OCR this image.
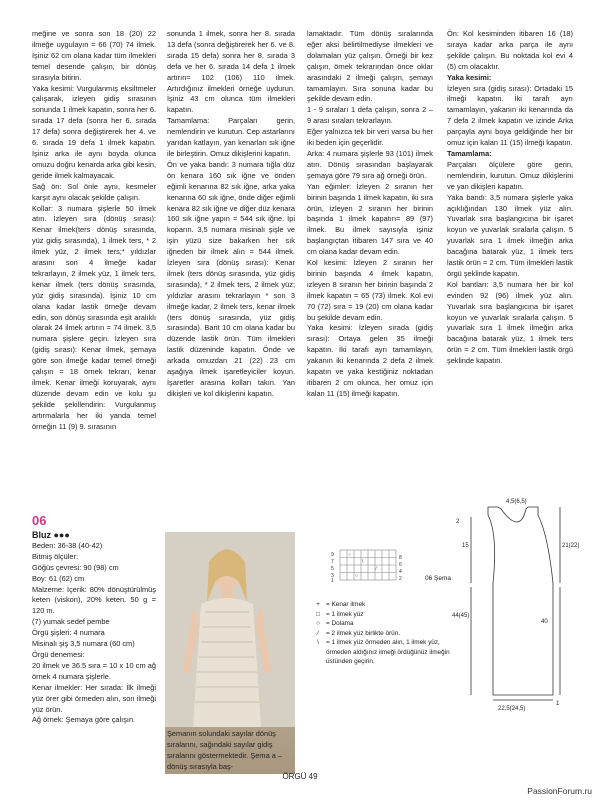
meğine ve sonra son 18 (20) 22 ilmeğe uygulayın = 66 (70) 74 ilmek. İşiniz 62 cm olana kadar tüm ilmekleri temel desende çalışın, bir dönüş sırasıyla bitirin.

Yaka kesimi: Vurgulanmış eksiltmeler çalışarak, izleyen gidiş sırasının sonunda 1 ilmek kapatın, sonra her 6. sırada 17 defa (sonra her 6. sırada 17 defa) sonra değiştirerek her 4. ve 6. sırada 19 defa 1 ilmek kapatın. İşiniz arka ile aynı boyda olunca omuzu doğru kenarda arka gibi kesin, geride ilmek kalmayacak.

Sağ ön: Sol önle aynı, kesmeler karşıt aynı olacak şekilde çalışın.

Kollar: 3 numara şişlerle 50 ilmek atın. İzleyen sıra (dönüş sırası): Kenar ilmek(ters dönüş sırasında, yüz gidiş sırasında), 1 ilmek ters, * 2 ilmek yüz, 2 ilmek ters;* yıldızlar arasını son 4 ilmeğe kadar tekrarlayın, 2 ilmek yüz, 1 ilmek ters, kenar ilmek (ters dönüş sırasında, yüz gidiş sırasında). İşiniz 10 cm olana kadar lastik örneğe devam edin, son dönüş sırasında eşit aralıklı olarak 24 ilmek artırın = 74 ilmek. 3,5 numara şişlere geçin. İzleyen sıra (gidiş sırası): Kenar ilmek, şemaya göre son ilmeğe kadar temel örneği çalışın = 18 örnek tekrarı, kenar ilmek. Kenar ilmeği koruyarak, aynı düzende devam edin ve kolu şu şekilde şekillendirin: Vurgulanmış artırmalarla her iki yanda temel örneğin 11 (9) 9. sırasının

sonunda 1 ilmek, sonra her 8. sırada 13 defa (sonra değiştirerek her 6. ve 8. sırada 15 defa) sonra her 8. sırada 3 defa ve her 6. sırada 14 defa 1 ilmek artırın= 102 (106) 110 ilmek. Artırdığınız ilmekleri örneğe uydurun. İşiniz 43 cm olunca tüm ilmekleri kapatın.

Tamamlama: Parçaları gerin, nemlendirin ve kurutun. Cep astarlarını yarıdan katlayın, yan kenarları sık iğne ile birleştirin. Omuz dikişlerini kapatın.

Ön ve yaka bandı: 3 numara tığla düz ön kenara 160 sık iğne ve önden eğimli kenarına 82 sık iğne, arka yaka kenarına 60 sık iğne, önde diğer eğimli kenara 82 sık iğne ve diğer düz kenara 160 sık iğne yapın = 544 sık iğne. İpi koparın. 3,5 numara misinalı şişle ve işin yüzü size bakarken her sık iğneden bir ilmek alın = 544 ilmek. İzleyen sıra (dönüş sırası): Kenar ilmek (ters dönüş sırasında, yüz gidiş sırasında), * 2 ilmek ters, 2 ilmek yüz; yıldızlar arasını tekrarlayın * son 3 ilmeğe kadar, 2 ilmek ters, kenar ilmek (ters dönüş sırasında, yüz gidiş sırasında). Bant 10 cm olana kadar bu düzende lastik örün. Tüm ilmekleri lastik düzeninde kapatın. Önde ve arkada omuzdan 21 (22) 23 cm aşağıya ilmek işaretleyiciler koyun. İşaretler arasına kolları takın. Yan dikişleri ve kol dikişlerini kapatın.

lamaktadır. Tüm dönüş sıralarında eğer aksi belirtilmediyse ilmekleri ve dolamaları yüz çalışın. Örneği bir kez çalışın, örnek tekrarından önce oklar arasındaki 2 ilmeği çalışın, şemayı tamamlayın. Sıra sonuna kadar bu şekilde devam edin.

1 - 9 sıraları 1 defa çalışın, sonra 2 – 9 arası sıraları tekrarlayın.

Eğer yalnızca tek bir veri varsa bu her iki beden için geçerlidir.

Arka: 4 numara şişlerle 93 (101) ilmek atın. Dönüş sırasından başlayarak şemaya göre 79 sıra ağ örneği örün.

Yan eğimler: İzleyen 2 sıranın her birinin başında 1 ilmek kapatın, iki sıra örün, izleyen 2 sıranın her birinin başında 1 ilmek kapatın= 89 (97) ilmek. Bu ilmek sayısıyla işiniz başlangıçtan itibaren 147 sıra ve 40 cm olana kadar devam edin.

Kol kesimi: İzleyen 2 sıranın her birinin başında 4 ilmek kapatın, izleyen 8 sıranın her birinin başında 2 ilmek kapatın = 65 (73) ilmek. Kol evi 70 (72) sıra = 19 (20) cm olana kadar bu şekilde devam edin.

Yaka kesimi: İzleyen sırada (gidiş sırası): Ortaya gelen 35 ilmeği kapatın. İki tarafı ayrı tamamlayın, yakanın iki kenarında 2 defa 2 ilmek kapatın ve yaka kestiğiniz noktadan itibaren 2 cm olunca, her omuz için kalan 11 (15) ilmeği kapatın.

Ön: Kol kesiminden itibaren 16 (18) sıraya kadar arka parça ile aynı şekilde çalışın. Bu noktada kol evi 4 (5) cm olacaktır.

Yaka kesimi:

İzleyen sıra (gidiş sırası): Ortadaki 15 ilmeği kapatın. İki tarafı ayrı tamamlayın, yakanın iki kenarında da 7 defa 2 ilmek kapatın ve izinde Arka parçayla aynı boya geldiğinde her bir omuz için kalan 11 (15) ilmeği kapatın.

Tamamlama:

Parçaları ölçülere göre gerin, nemlendirin, kurutun. Omuz dikişlerini ve yan dikişleri kapatın.

Yaka bandı: 3,5 numara şişlerle yaka açıklığından 130 ilmek yüz alın. Yuvarlak sıra başlangıcına bir işaret koyun ve yuvarlak sıralarla çalışın. 5 yuvarlak sıra 1 ilmek ilmeğin arka bacağına batarak yüz, 1 ilmek ters lastik örün = 2 cm. Tüm ilmekleri lastik örgü şeklinde kapatın.

Kol bantları: 3,5 numara her bir kol evinden 92 (96) ilmek yüz alın. Yuvarlak sıra başlangıcına bir işaret koyun ve yuvarlak sıralarla çalışın. 5 yuvarlak sıra 1 ilmek ilmeğin arka bacağına batarak yüz, 1 ilmek ters örün = 2 cm. Tüm ilmekleri lastik örgü şeklinde kapatın.

06

Bluz ●●●

Beden: 36-38 (40-42)

Bitmiş ölçüler:

Göğüs çevresi: 90 (98) cm

Boy: 61 (62) cm

Malzeme: İçerik: 80% dönüştürülmüş keten (viskon), 20% keten. 50 g = 120 m.

(7) yumak sedef pembe

Örgü şişleri: 4 numara

Misinalı şiş 3,5 numara (60 cm)

Örgü denemesi:

20 ilmek ve 36.5 sıra = 10 x 10 cm ağ örnek 4 numara şişlerle.

Kenar ilmekler: Her sırada: İlk ilmeği yüz örer gibi örmeden alın, son ilmeği yüz örün.

Ağ örnek: Şemaya göre çalışın.

Şemanın solundaki sayılar dönüş sıralarını, sağındaki sayılar gidiş sıralarını göstermektedir. Şema a – dönüş sırasıyla baş-
9
7
5
3
1
8
6
4
2
○
\
⁄
○
+ = Kenar ilmek
□ = 1 ilmek yüz
○ = Dolama
⁄	= 2 ilmek yüz birlikte örün.
\	= 1 ilmek yüz örmeden alın, 1 ilmek yüz, örmeden aldığınız ilmeği ördüğünüz ilmeğin üstünden geçirin.
06 Şema
4,5(6,5)
2
15	21(22)
44(45)
40
22,5(24,5)
1
ÖRGÜ 49
PassionForum.ru
